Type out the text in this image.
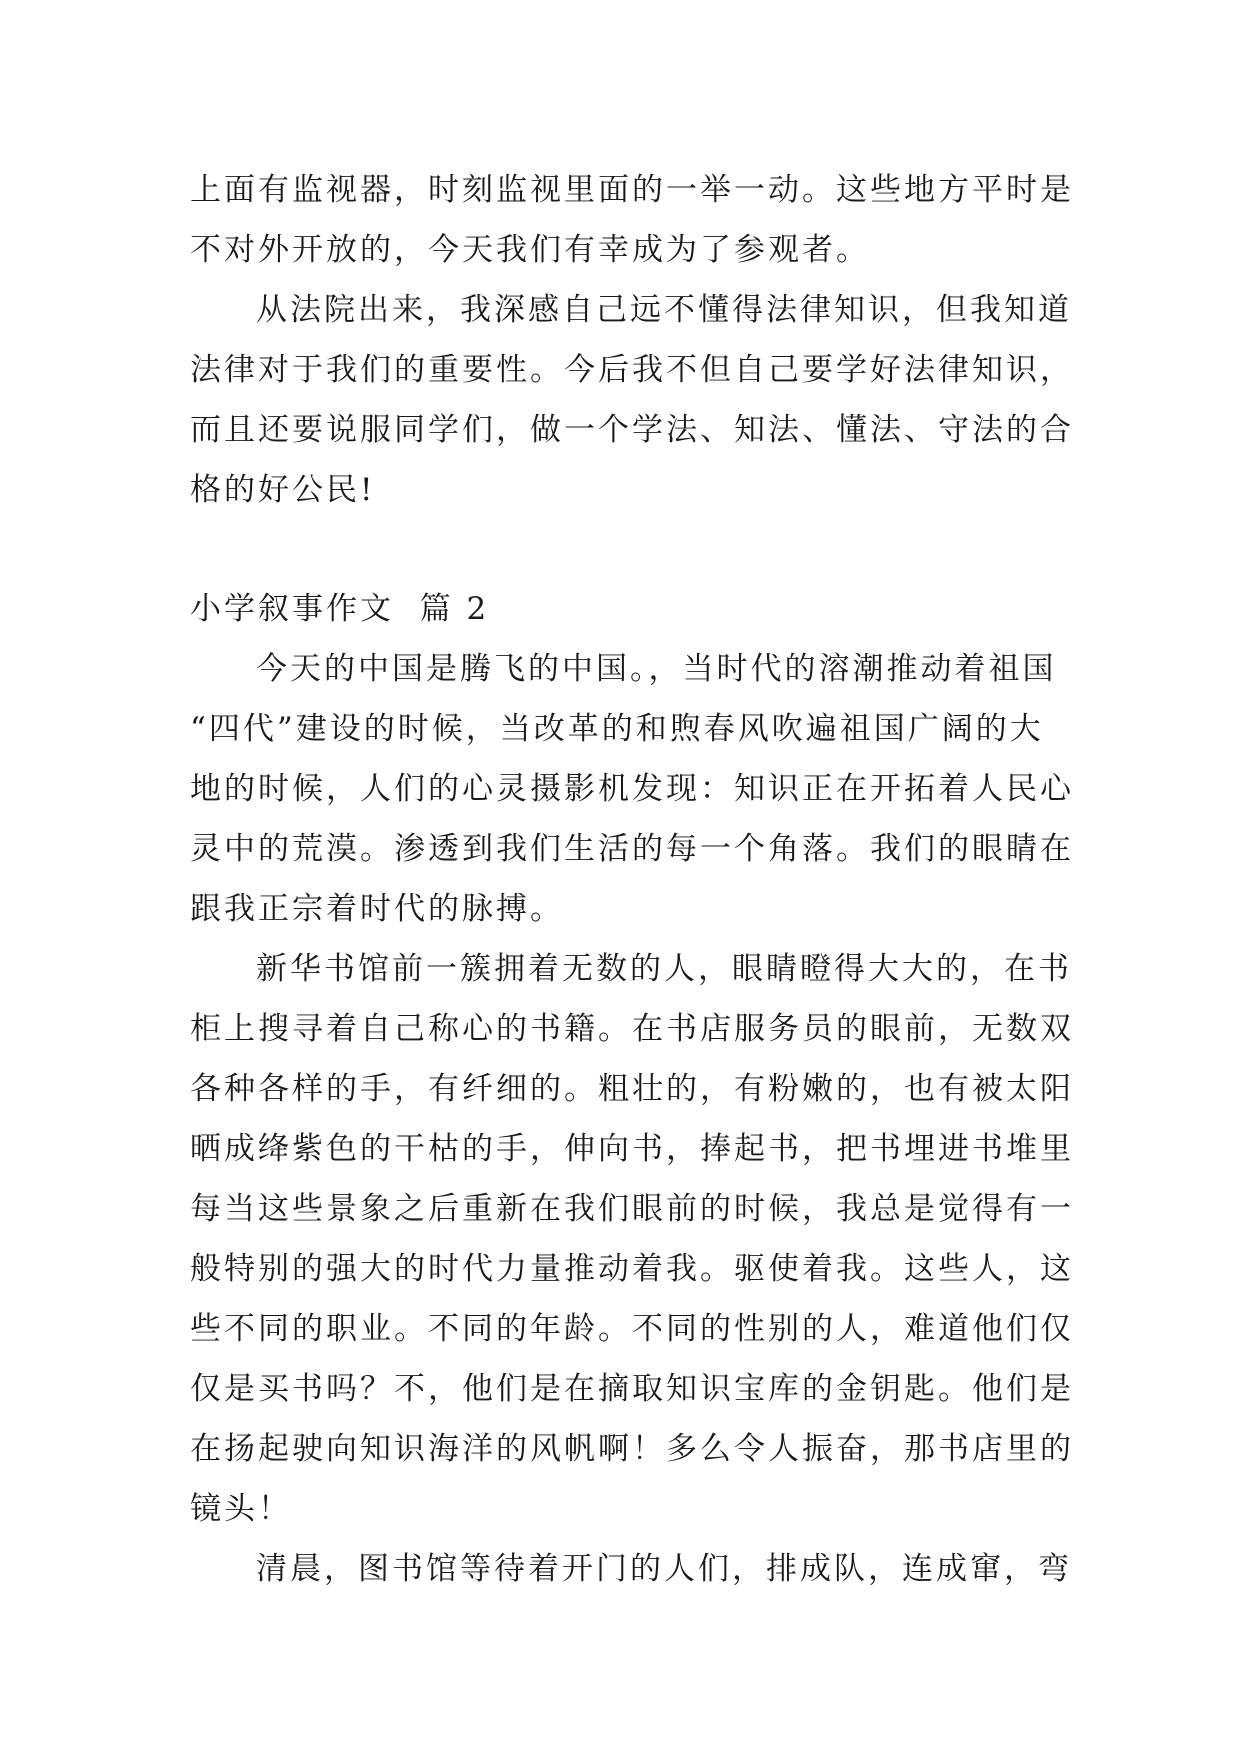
上面有监视器，时刻监视里面的一举一动。这些地方平时是
不对外开放的，今天我们有幸成为了参观者。
从法院出来，我深感自己远不懂得法律知识，但我知道
法律对于我们的重要性。今后我不但自己要学好法律知识，
而且还要说服同学们，做一个学法、知法、懂法、守法的合
格的好公民!
小学叙事作文  篇 2
今天的中国是腾飞的中国。，当时代的溶潮推动着祖国
“四代”建设的时候，当改革的和煦春风吹遍祖国广阔的大
地的时候，人们的心灵摄影机发现：知识正在开拓着人民心
灵中的荒漠。渗透到我们生活的每一个角落。我们的眼睛在
跟我正宗着时代的脉搏。
新华书馆前一簇拥着无数的人，眼睛瞪得大大的，在书
柜上搜寻着自己称心的书籍。在书店服务员的眼前，无数双
各种各样的手，有纤细的。粗壮的，有粉嫩的，也有被太阳
晒成绛紫色的干枯的手，伸向书，捧起书，把书埋进书堆里
每当这些景象之后重新在我们眼前的时候，我总是觉得有一
般特别的强大的时代力量推动着我。驱使着我。这些人，这
些不同的职业。不同的年龄。不同的性别的人，难道他们仅
仅是买书吗？不，他们是在摘取知识宝库的金钥匙。他们是
在扬起驶向知识海洋的风帆啊！多么令人振奋，那书店里的
镜头！
清晨，图书馆等待着开门的人们，排成队，连成窜，弯
